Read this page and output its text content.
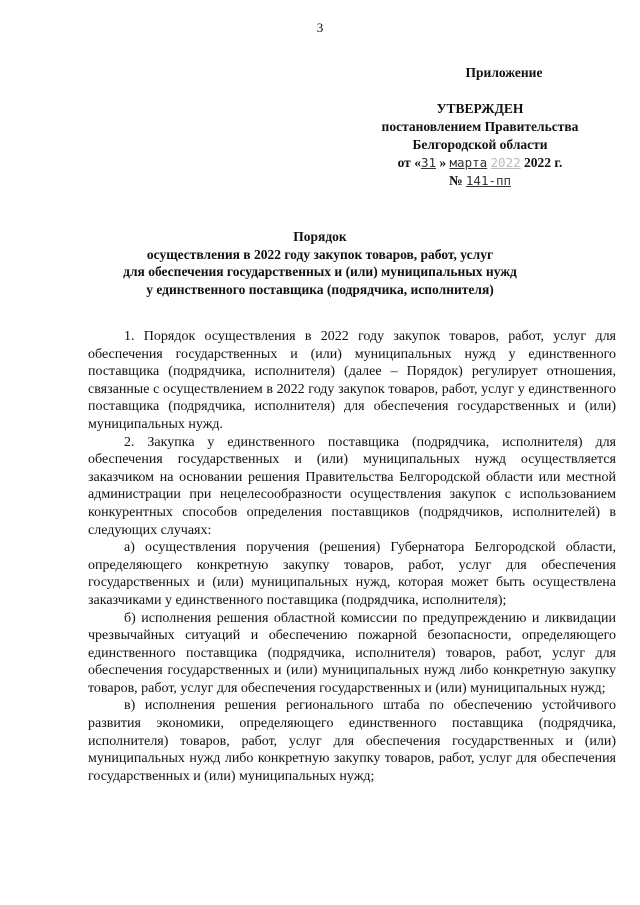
3
Приложение
УТВЕРЖДЕН
постановлением Правительства
Белгородской области
от «31 » марта 2022 2022 г.
№ 141-пп
Порядок
осуществления в 2022 году закупок товаров, работ, услуг
для обеспечения государственных и (или) муниципальных нужд
у единственного поставщика (подрядчика, исполнителя)

1. Порядок осуществления в 2022 году закупок товаров, работ, услуг для обеспечения государственных и (или) муниципальных нужд у единственного поставщика (подрядчика, исполнителя) (далее – Порядок) регулирует отношения, связанные с осуществлением в 2022 году закупок товаров, работ, услуг у единственного поставщика (подрядчика, исполнителя) для обеспечения государственных и (или) муниципальных нужд.

2. Закупка у единственного поставщика (подрядчика, исполнителя) для обеспечения государственных и (или) муниципальных нужд осуществляется заказчиком на основании решения Правительства Белгородской области или местной администрации при нецелесообразности осуществления закупок с использованием конкурентных способов определения поставщиков (подрядчиков, исполнителей) в следующих случаях:

а) осуществления поручения (решения) Губернатора Белгородской области, определяющего конкретную закупку товаров, работ, услуг для обеспечения государственных и (или) муниципальных нужд, которая может быть осуществлена заказчиками у единственного поставщика (подрядчика, исполнителя);

б) исполнения решения областной комиссии по предупреждению и ликвидации чрезвычайных ситуаций и обеспечению пожарной безопасности, определяющего единственного поставщика (подрядчика, исполнителя) товаров, работ, услуг для обеспечения государственных и (или) муниципальных нужд либо конкретную закупку товаров, работ, услуг для обеспечения государственных и (или) муниципальных нужд;

в) исполнения решения регионального штаба по обеспечению устойчивого развития экономики, определяющего единственного поставщика (подрядчика, исполнителя) товаров, работ, услуг для обеспечения государственных и (или) муниципальных нужд либо конкретную закупку товаров, работ, услуг для обеспечения государственных и (или) муниципальных нужд;
